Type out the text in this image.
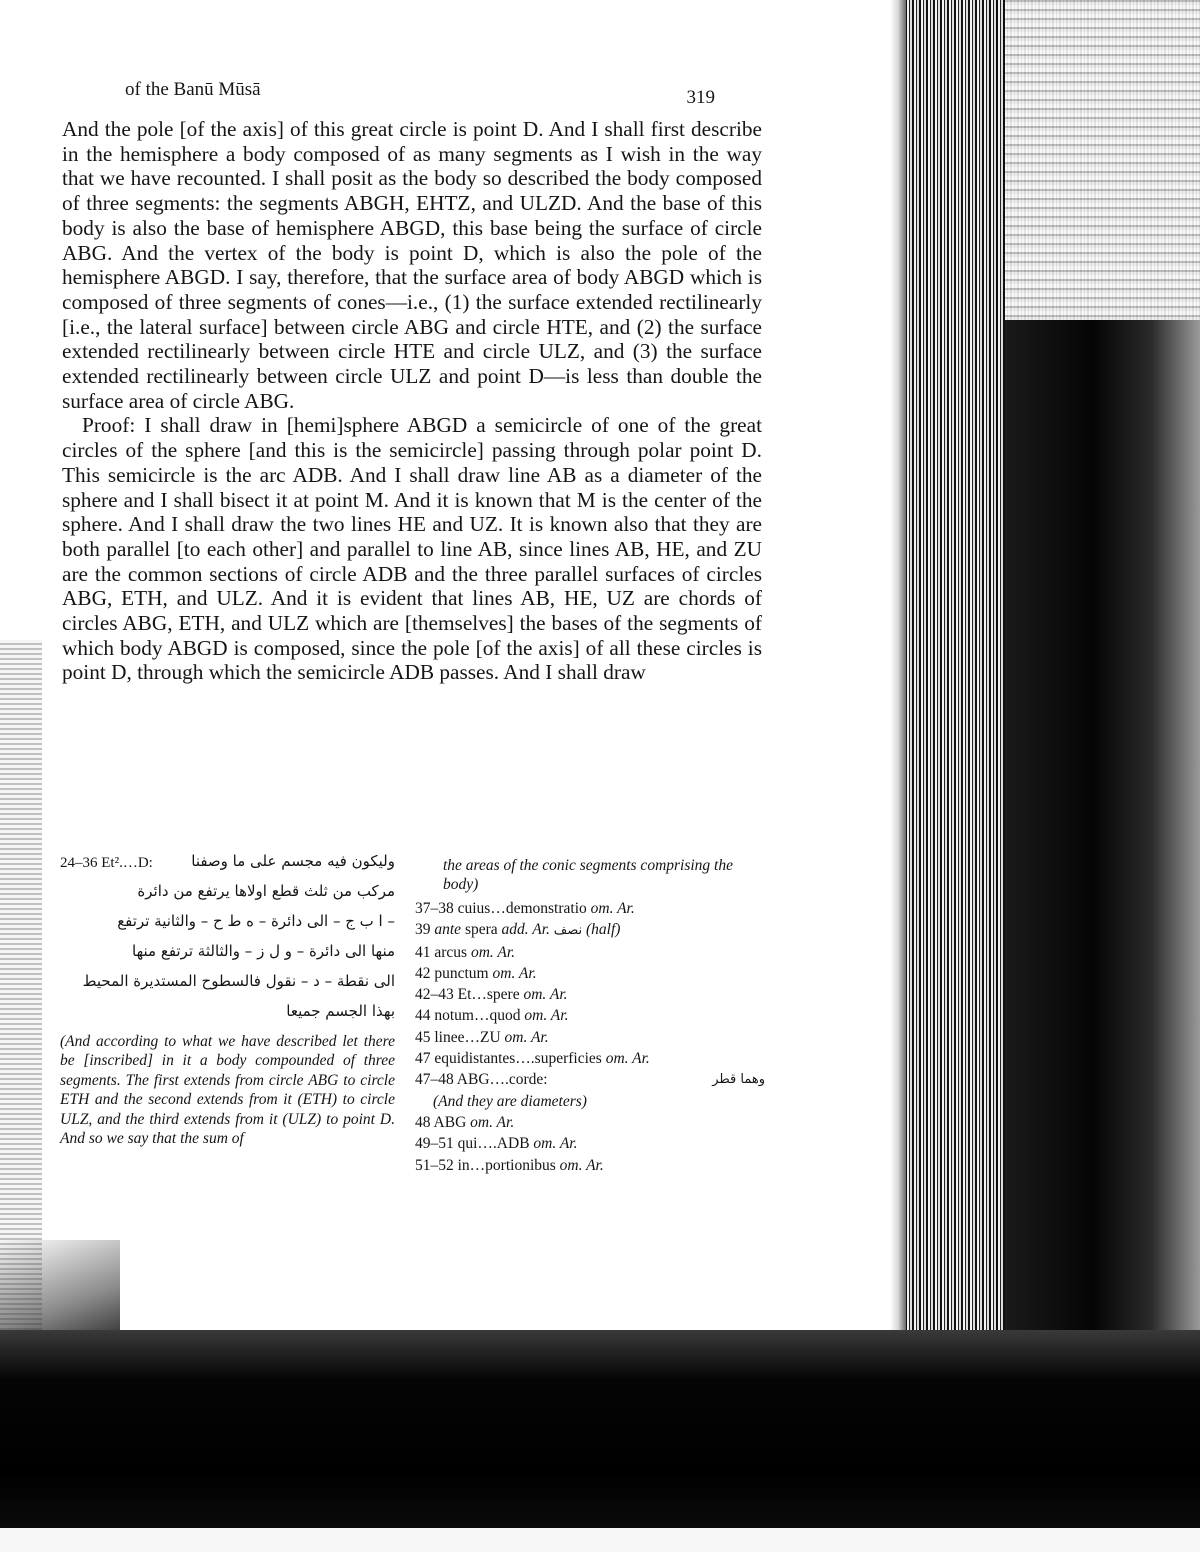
of the Banū Mūsā	319

And the pole [of the axis] of this great circle is point D. And I shall first describe in the hemisphere a body composed of as many segments as I wish in the way that we have recounted. I shall posit as the body so described the body composed of three segments: the segments ABGH, EHTZ, and ULZD. And the base of this body is also the base of hemisphere ABGD, this base being the surface of circle ABG. And the vertex of the body is point D, which is also the pole of the hemisphere ABGD. I say, therefore, that the surface area of body ABGD which is composed of three segments of cones—i.e., (1) the surface extended rectilinearly [i.e., the lateral surface] between circle ABG and circle HTE, and (2) the surface extended rectilinearly between circle HTE and circle ULZ, and (3) the surface extended rectilinearly between circle ULZ and point D—is less than double the surface area of circle ABG.

Proof: I shall draw in [hemi]sphere ABGD a semicircle of one of the great circles of the sphere [and this is the semicircle] passing through polar point D. This semicircle is the arc ADB. And I shall draw line AB as a diameter of the sphere and I shall bisect it at point M. And it is known that M is the center of the sphere. And I shall draw the two lines HE and UZ. It is known also that they are both parallel [to each other] and parallel to line AB, since lines AB, HE, and ZU are the common sections of circle ADB and the three parallel surfaces of circles ABG, ETH, and ULZ. And it is evident that lines AB, HE, UZ are chords of circles ABG, ETH, and ULZ which are [themselves] the bases of the segments of which body ABGD is composed, since the pole [of the axis] of all these circles is point D, through which the semicircle ADB passes. And I shall draw

24–36 Et².…D:	وليكون فيه مجسم على ما وصفنا
مركب من ثلث قطع اولاها يرتفع من دائرة
– ا ب ج – الى دائرة – ه ط ح – والثانية ترتفع
منها الى دائرة – و ل ز – والثالثة ترتفع منها
الى نقطة – د – نقول فالسطوح المستديرة المحيط
بهذا الجسم جميعا
(And according to what we have described let there be [inscribed] in it a body compounded of three segments. The first extends from circle ABG to circle ETH and the second extends from it (ETH) to circle ULZ, and the third extends from it (ULZ) to point D. And so we say that the sum of
the areas of the conic segments comprising the body)
37–38 cuius…demonstratio om. Ar.
39 ante spera add. Ar. نصف (half)
41 arcus om. Ar.
42 punctum om. Ar.
42–43 Et…spere om. Ar.
44 notum…quod om. Ar.
45 linee…ZU om. Ar.
47 equidistantes….superficies om. Ar.
47–48 ABG….corde:	وهما قطر
(And they are diameters)
48 ABG om. Ar.
49–51 qui….ADB om. Ar.
51–52 in…portionibus om. Ar.
